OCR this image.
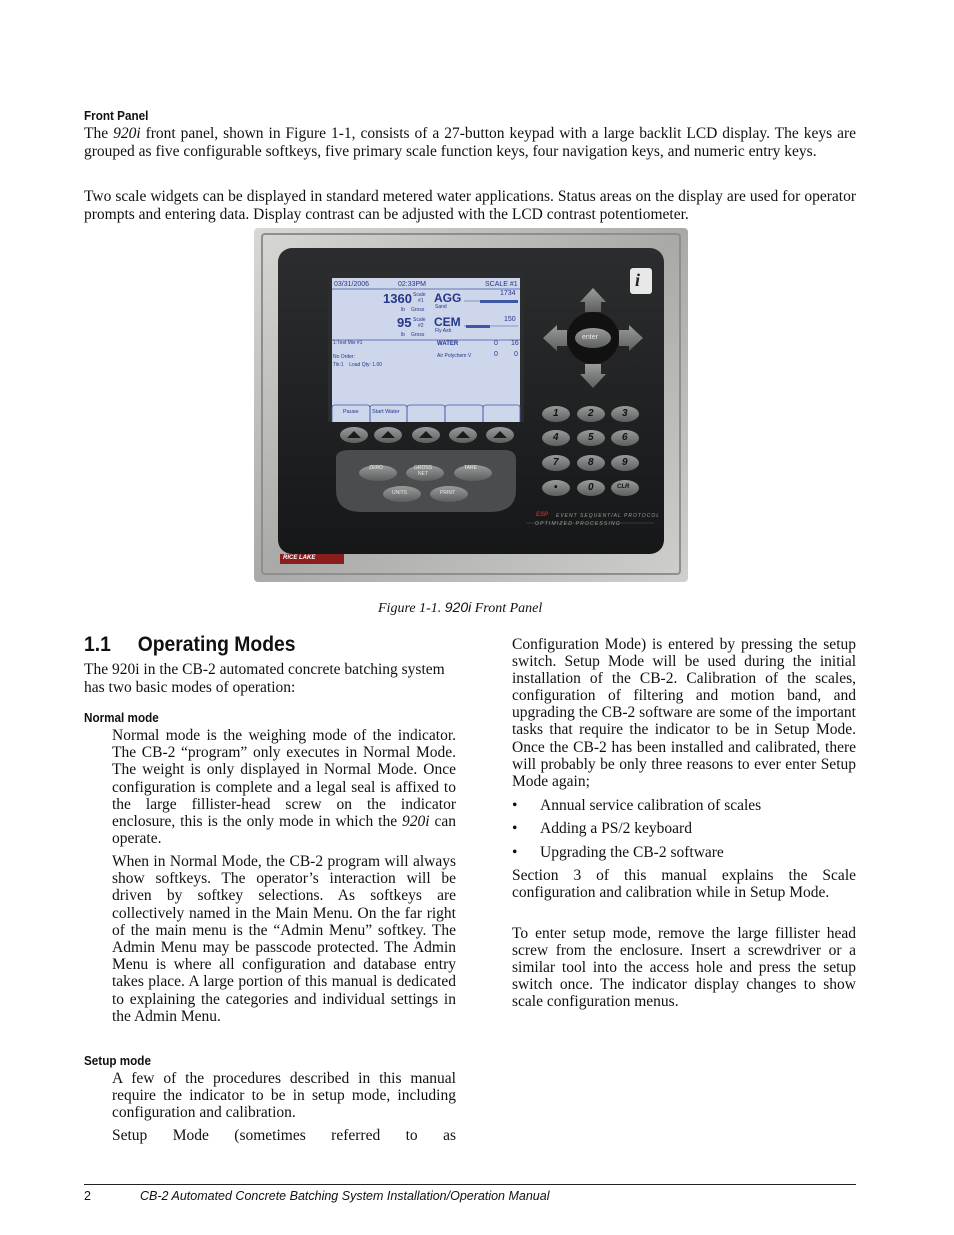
Front Panel

The 920i front panel, shown in Figure 1-1, consists of a 27-button keypad with a large backlit LCD display. The keys are grouped as five configurable softkeys, five primary scale function keys, four navigation keys, and numeric entry keys.

Two scale widgets can be displayed in standard metered water applications. Status areas on the display are used for operator prompts and entering data. Display contrast can be adjusted with the LCD contrast potentiometer.

03/31/2006	02:33PM	SCALE #1
1734
1360 Scale
#1
lb Gross
AGG
Sand
95 Scale
#2
lb Gross
CEM
Fly Ash
150
1:Test Mix #1	WATER	0 16
No Order:	Air Polychem V	0 0
Tik:1    Load Qty: 1.00
Pause Start Water
ZERO	GROSS
NET
TARE
UNITS	PRINT
enter
1	2	3
4	5	6
7	8	9
•	0	CLR
ESP EVENT SEQUENTIAL PROTOCOL
OPTIMIZED PROCESSING
RICE LAKE
i

Figure 1-1. 920i Front Panel

1.1     Operating Modes

The 920i in the CB-2 automated concrete batching system has two basic modes of operation:

Normal mode

Normal mode is the weighing mode of the indicator. The CB-2 “program” only executes in Normal Mode. The weight is only displayed in Normal Mode. Once configuration is complete and a legal seal is affixed to the large fillister-head screw on the indicator enclosure, this is the only mode in which the 920i can operate.

When in Normal Mode, the CB-2 program will always show softkeys. The operator’s interaction will be driven by softkey selections. As softkeys are collectively named in the Main Menu. On the far right of the main menu is the “Admin Menu” softkey. The Admin Menu may be passcode protected. The Admin Menu is where all configuration and database entry takes place. A large portion of this manual is dedicated to explaining the categories and individual settings in the Admin Menu.

Setup mode

A few of the procedures described in this manual require the indicator to be in setup mode, including configuration and calibration.

Setup Mode (sometimes referred to as

Configuration Mode) is entered by pressing the setup switch. Setup Mode will be used during the initial installation of the CB-2. Calibration of the scales, configuration of filtering and motion band, and upgrading the CB-2 software are some of the important tasks that require the indicator to be in Setup Mode. Once the CB-2 has been installed and calibrated, there will probably be only three reasons to ever enter Setup Mode again;

• Annual service calibration of scales
• Adding a PS/2 keyboard
• Upgrading the CB-2 software

Section 3 of this manual explains the Scale configuration and calibration while in Setup Mode.

To enter setup mode, remove the large fillister head screw from the enclosure. Insert a screwdriver or a similar tool into the access hole and press the setup switch once. The indicator display changes to show scale configuration menus.

2	CB-2 Automated Concrete Batching System Installation/Operation Manual
